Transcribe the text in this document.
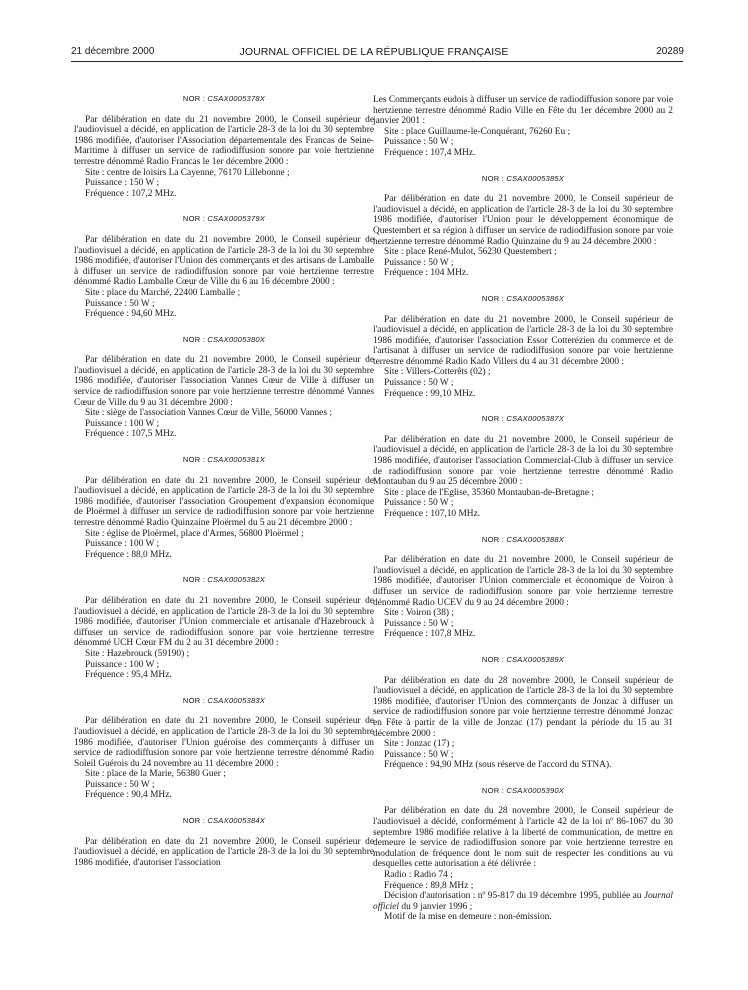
21 décembre 2000	JOURNAL OFFICIEL DE LA RÉPUBLIQUE FRANÇAISE	20289
NOR : CSAX0005378X

Par délibération en date du 21 novembre 2000, le Conseil supérieur de l'audiovisuel a décidé, en application de l'article 28-3 de la loi du 30 septembre 1986 modifiée, d'autoriser l'Association départementale des Francas de Seine-Maritime à diffuser un service de radiodiffusion sonore par voie hertzienne terrestre dénommé Radio Francas le 1er décembre 2000 :

Site : centre de loisirs La Cayenne, 76170 Lillebonne ;

Puissance : 150 W ;

Fréquence : 107,2 MHz.

NOR : CSAX0005379X

Par délibération en date du 21 novembre 2000, le Conseil supérieur de l'audiovisuel a décidé, en application de l'article 28-3 de la loi du 30 septembre 1986 modifiée, d'autoriser l'Union des commerçants et des artisans de Lamballe à diffuser un service de radiodiffusion sonore par voie hertzienne terrestre dénommé Radio Lamballe Cœur de Ville du 6 au 16 décembre 2000 :

Site : place du Marché, 22400 Lamballe ;

Puissance : 50 W ;

Fréquence : 94,60 MHz.

NOR : CSAX0005380X

Par délibération en date du 21 novembre 2000, le Conseil supérieur de l'audiovisuel a décidé, en application de l'article 28-3 de la loi du 30 septembre 1986 modifiée, d'autoriser l'association Vannes Cœur de Ville à diffuser un service de radiodiffusion sonore par voie hertzienne terrestre dénommé Vannes Cœur de Ville du 9 au 31 décembre 2000 :

Site : siège de l'association Vannes Cœur de Ville, 56000 Vannes ;

Puissance : 100 W ;

Fréquence : 107,5 MHz.

NOR : CSAX0005381X

Par délibération en date du 21 novembre 2000, le Conseil supérieur de l'audiovisuel a décidé, en application de l'article 28-3 de la loi du 30 septembre 1986 modifiée, d'autoriser l'association Groupement d'expansion économique de Ploërmel à diffuser un service de radiodiffusion sonore par voie hertzienne terrestre dénommé Radio Quinzaine Ploërmel du 5 au 21 décembre 2000 :

Site : église de Ploërmel, place d'Armes, 56800 Ploërmel ;

Puissance : 100 W ;

Fréquence : 88,0 MHz.

NOR : CSAX0005382X

Par délibération en date du 21 novembre 2000, le Conseil supérieur de l'audiovisuel a décidé, en application de l'article 28-3 de la loi du 30 septembre 1986 modifiée, d'autoriser l'Union commerciale et artisanale d'Hazebrouck à diffuser un service de radiodiffusion sonore par voie hertzienne terrestre dénommé UCH Cœur FM du 2 au 31 décembre 2000 :

Site : Hazebrouck (59190) ;

Puissance : 100 W ;

Fréquence : 95,4 MHz.

NOR : CSAX0005383X

Par délibération en date du 21 novembre 2000, le Conseil supérieur de l'audiovisuel a décidé, en application de l'article 28-3 de la loi du 30 septembre 1986 modifiée, d'autoriser l'Union guéroise des commerçants à diffuser un service de radiodiffusion sonore par voie hertzienne terrestre dénommé Radio Soleil Guérois du 24 novembre au 11 décembre 2000 :

Site : place de la Marie, 56380 Guer ;

Puissance : 50 W ;

Fréquence : 90,4 MHz.

NOR : CSAX0005384X

Par délibération en date du 21 novembre 2000, le Conseil supérieur de l'audiovisuel a décidé, en application de l'article 28-3 de la loi du 30 septembre 1986 modifiée, d'autoriser l'association

Les Commerçants eudois à diffuser un service de radiodiffusion sonore par voie hertzienne terrestre dénommé Radio Ville en Fête du 1er décembre 2000 au 2 janvier 2001 :

Site : place Guillaume-le-Conquérant, 76260 Eu ;

Puissance : 50 W ;

Fréquence : 107,4 MHz.

NOR : CSAX0005385X

Par délibération en date du 21 novembre 2000, le Conseil supérieur de l'audiovisuel a décidé, en application de l'article 28-3 de la loi du 30 septembre 1986 modifiée, d'autoriser l'Union pour le développement économique de Questembert et sa région à diffuser un service de radiodiffusion sonore par voie hertzienne terrestre dénommé Radio Quinzaine du 9 au 24 décembre 2000 :

Site : place René-Mulot, 56230 Questembert ;

Puissance : 50 W ;

Fréquence : 104 MHz.

NOR : CSAX0005386X

Par délibération en date du 21 novembre 2000, le Conseil supérieur de l'audiovisuel a décidé, en application de l'article 28-3 de la loi du 30 septembre 1986 modifiée, d'autoriser l'association Essor Cotterézien du commerce et de l'artisanat à diffuser un service de radiodiffusion sonore par voie hertzienne terrestre dénommé Radio Kado Villers du 4 au 31 décembre 2000 :

Site : Villers-Cotterêts (02) ;

Puissance : 50 W ;

Fréquence : 99,10 MHz.

NOR : CSAX0005387X

Par délibération en date du 21 novembre 2000, le Conseil supérieur de l'audiovisuel a décidé, en application de l'article 28-3 de la loi du 30 septembre 1986 modifiée, d'autoriser l'association Commercial-Club à diffuser un service de radiodiffusion sonore par voie hertzienne terrestre dénommé Radio Montauban du 9 au 25 décembre 2000 :

Site : place de l'Eglise, 35360 Montauban-de-Bretagne ;

Puissance : 50 W ;

Fréquence : 107,10 MHz.

NOR : CSAX0005388X

Par délibération en date du 21 novembre 2000, le Conseil supérieur de l'audiovisuel a décidé, en application de l'article 28-3 de la loi du 30 septembre 1986 modifiée, d'autoriser l'Union commerciale et économique de Voiron à diffuser un service de radiodiffusion sonore par voie hertzienne terrestre dénommé Radio UCEV du 9 au 24 décembre 2000 :

Site : Voiron (38) ;

Puissance : 50 W ;

Fréquence : 107,8 MHz.

NOR : CSAX0005389X

Par délibération en date du 28 novembre 2000, le Conseil supérieur de l'audiovisuel a décidé, en application de l'article 28-3 de la loi du 30 septembre 1986 modifiée, d'autoriser l'Union des commerçants de Jonzac à diffuser un service de radiodiffusion sonore par voie hertzienne terrestre dénommé Jonzac en Fête à partir de la ville de Jonzac (17) pendant la période du 15 au 31 décembre 2000 :

Site : Jonzac (17) ;

Puissance : 50 W ;

Fréquence : 94,90 MHz (sous réserve de l'accord du STNA).

NOR : CSAX0005390X

Par délibération en date du 28 novembre 2000, le Conseil supérieur de l'audiovisuel a décidé, conformément à l'article 42 de la loi nº 86-1067 du 30 septembre 1986 modifiée relative à la liberté de communication, de mettre en demeure le service de radiodiffusion sonore par voie hertzienne terrestre en modulation de fréquence dont le nom suit de respecter les conditions au vu desquelles cette autorisation a été délivrée :

Radio : Radio 74 ;

Fréquence : 89,8 MHz ;

Décision d'autorisation : nº 95-817 du 19 décembre 1995, publiée au Journal officiel du 9 janvier 1996 ;

Motif de la mise en demeure : non-émission.
